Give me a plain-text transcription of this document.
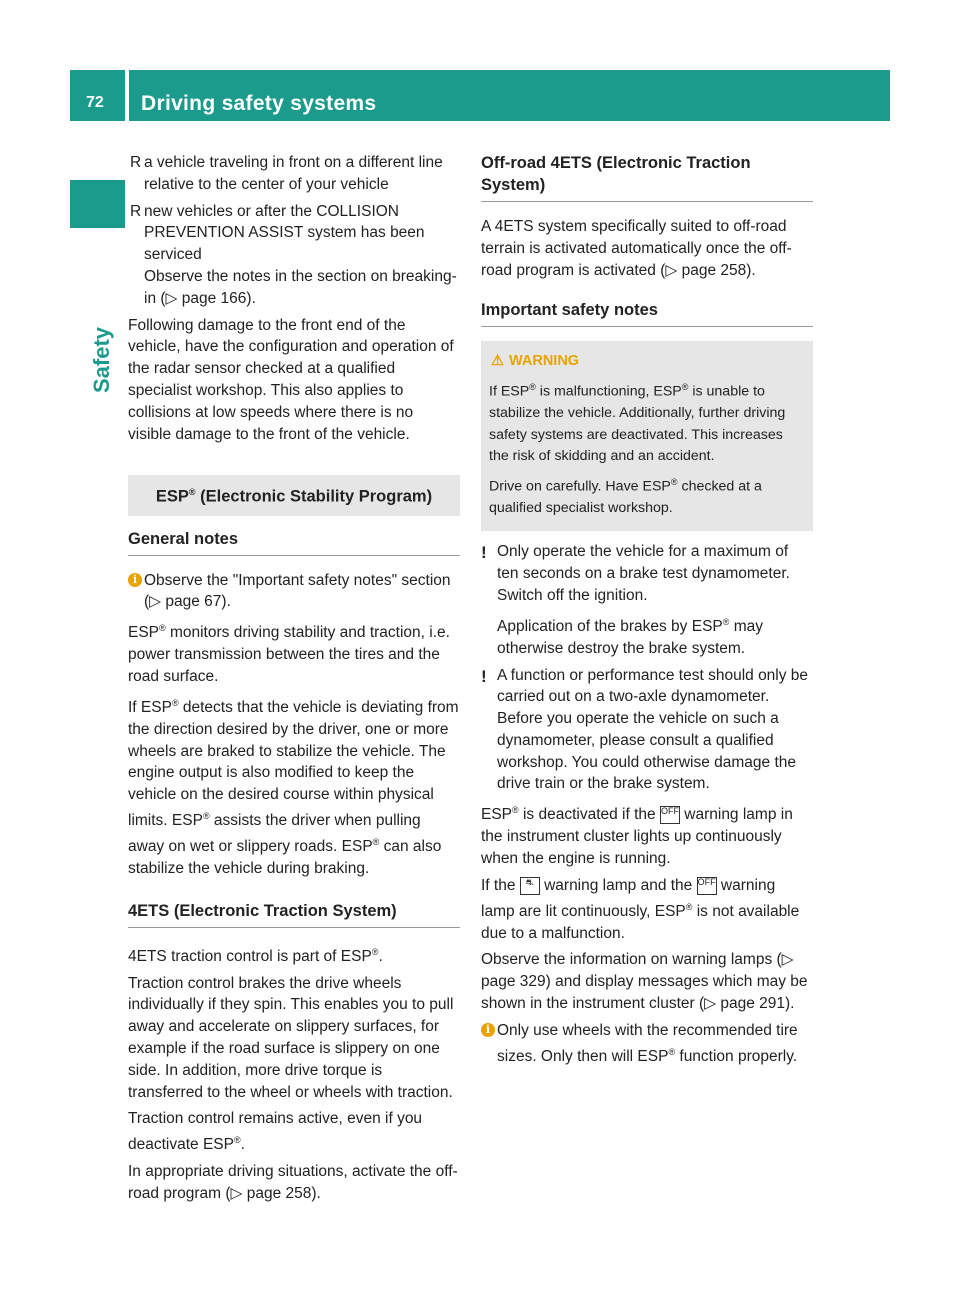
72 Driving safety systems
Safety

R a vehicle traveling in front on a different line relative to the center of your vehicle

R new vehicles or after the COLLISION PREVENTION ASSIST system has been serviced

Observe the notes in the section on breaking-in (▷ page 166).

Following damage to the front end of the vehicle, have the configuration and operation of the radar sensor checked at a qualified specialist workshop. This also applies to collisions at low speeds where there is no visible damage to the front of the vehicle.

ESP® (Electronic Stability Program)
General notes

i Observe the "Important safety notes" section (▷ page 67).

ESP® monitors driving stability and traction, i.e. power transmission between the tires and the road surface.

If ESP® detects that the vehicle is deviating from the direction desired by the driver, one or more wheels are braked to stabilize the vehicle. The engine output is also modified to keep the vehicle on the desired course within physical limits. ESP® assists the driver when pulling away on wet or slippery roads. ESP® can also stabilize the vehicle during braking.

4ETS (Electronic Traction System)

4ETS traction control is part of ESP®.

Traction control brakes the drive wheels individually if they spin. This enables you to pull away and accelerate on slippery surfaces, for example if the road surface is slippery on one side. In addition, more drive torque is transferred to the wheel or wheels with traction.

Traction control remains active, even if you deactivate ESP®.

In appropriate driving situations, activate the off-road program (▷ page 258).

Off-road 4ETS (Electronic Traction System)

A 4ETS system specifically suited to off-road terrain is activated automatically once the off-road program is activated (▷ page 258).

Important safety notes
⚠ WARNING

If ESP® is malfunctioning, ESP® is unable to stabilize the vehicle. Additionally, further driving safety systems are deactivated. This increases the risk of skidding and an accident.

Drive on carefully. Have ESP® checked at a qualified specialist workshop.

! Only operate the vehicle for a maximum of ten seconds on a brake test dynamometer. Switch off the ignition.

Application of the brakes by ESP® may otherwise destroy the brake system.

! A function or performance test should only be carried out on a two-axle dynamometer. Before you operate the vehicle on such a dynamometer, please consult a qualified workshop. You could otherwise damage the drive train or the brake system.

ESP® is deactivated if the OFF warning lamp in the instrument cluster lights up continuously when the engine is running.

If the ⛐ warning lamp and the OFF warning lamp are lit continuously, ESP® is not available due to a malfunction.

Observe the information on warning lamps (▷ page 329) and display messages which may be shown in the instrument cluster (▷ page 291).

i Only use wheels with the recommended tire sizes. Only then will ESP® function properly.
